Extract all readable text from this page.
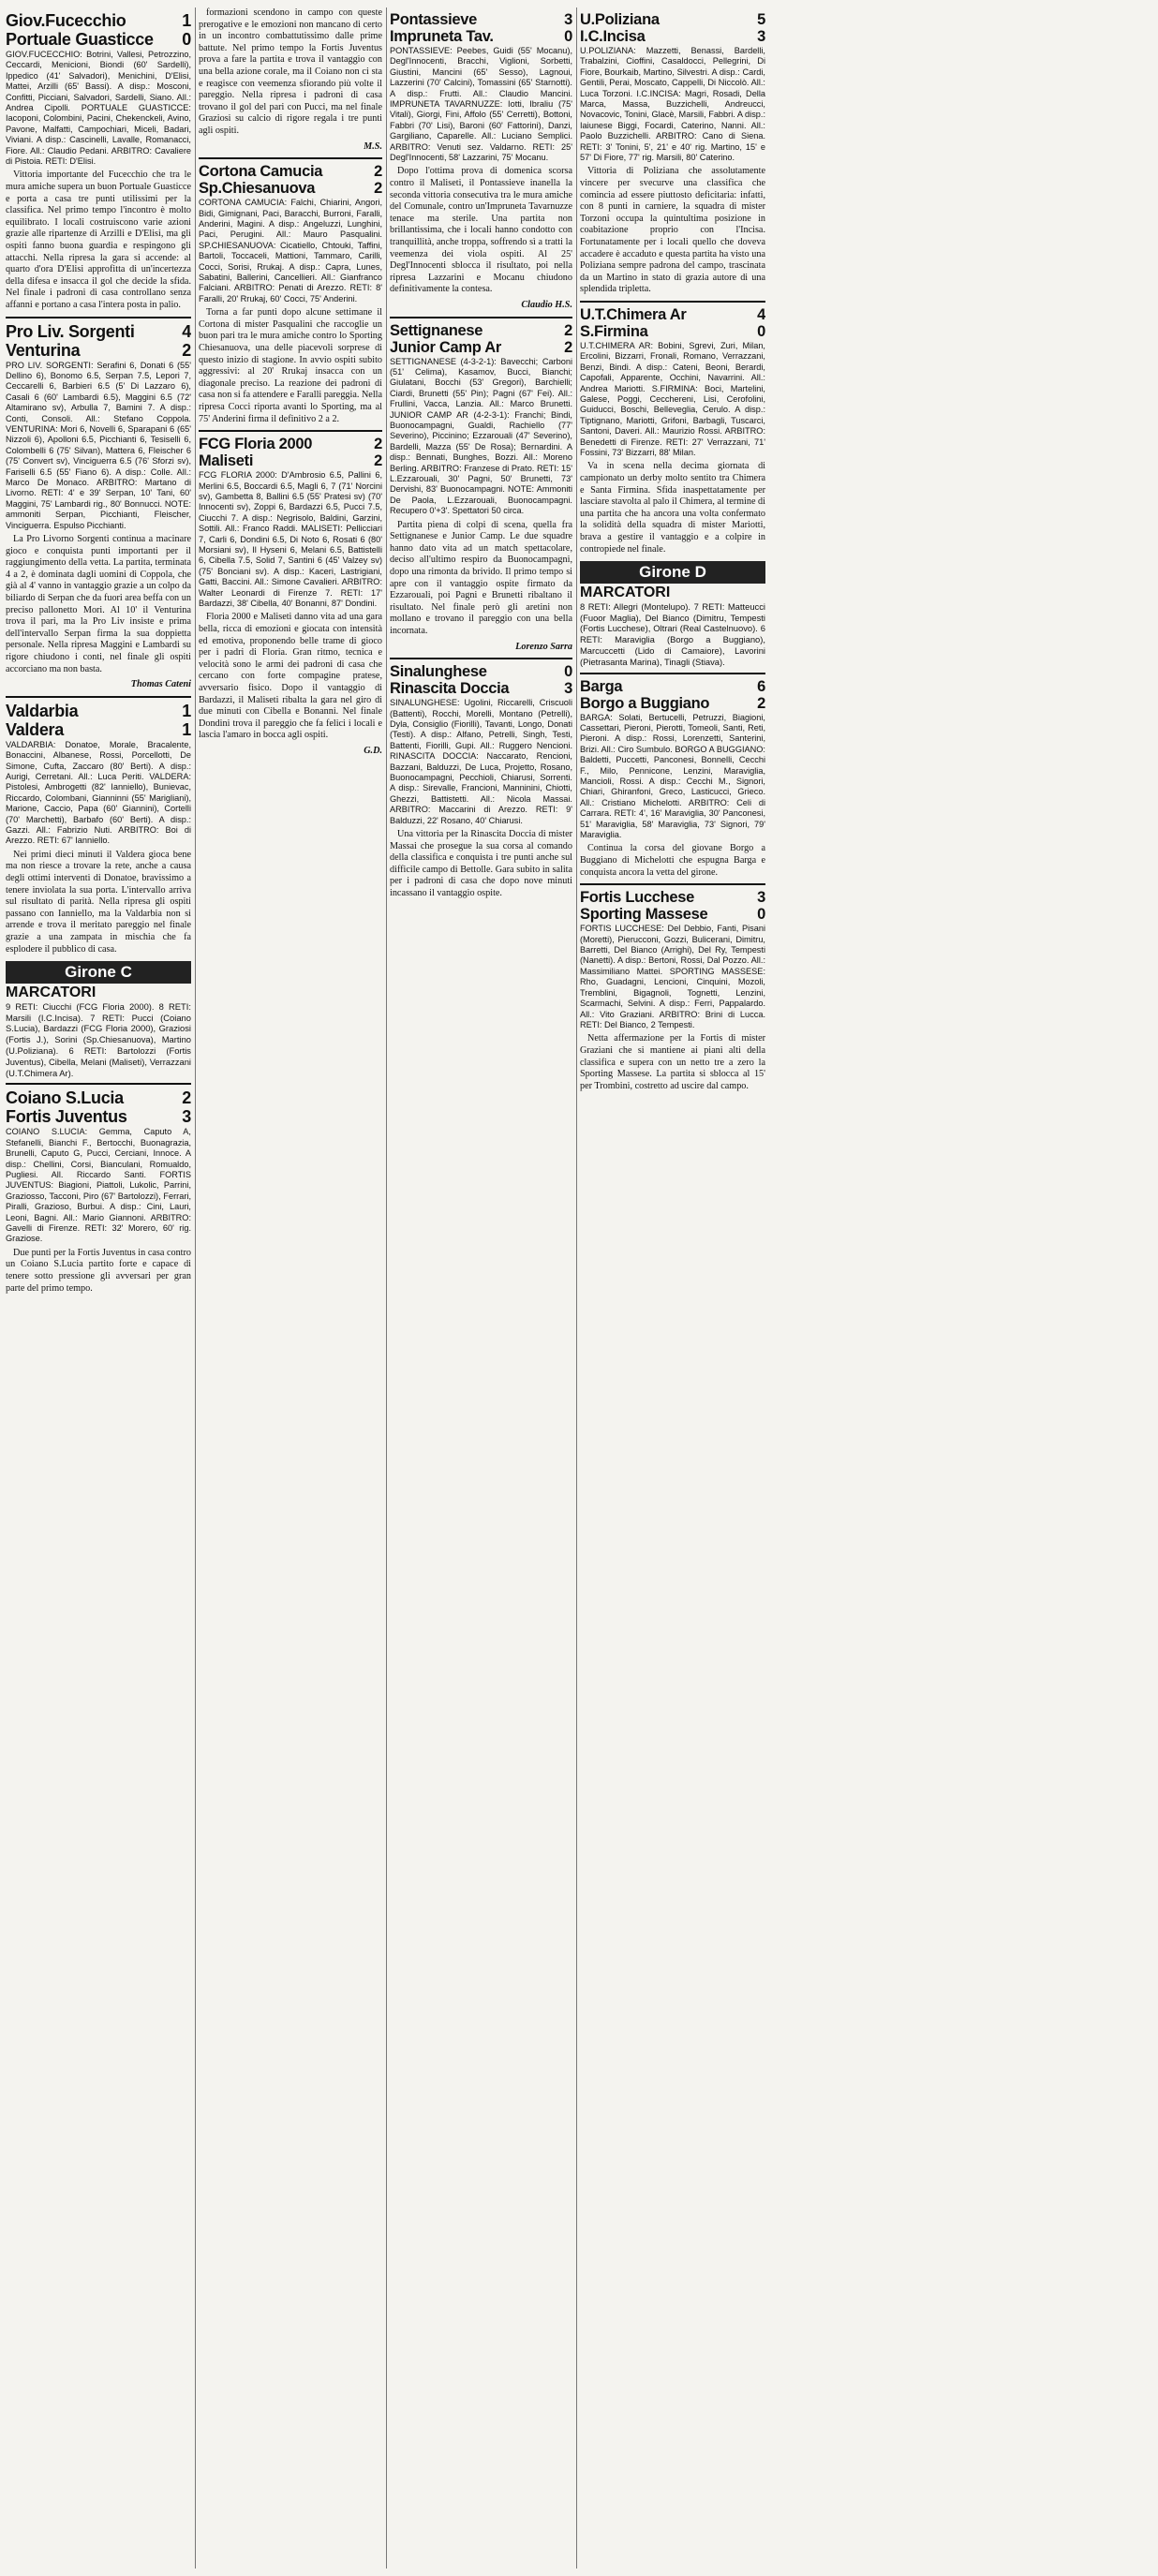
Giov.Fucecchio	1
Portuale Guasticce 0
GIOV.FUCECCHIO: Botrini, Vallesi, Petrozzino, Ceccardi, Menicioni, Biondi (60' Sardelli), Ippedico (41' Salvadori), Menichini, D'Elisi, Mattei, Arzilli (65' Bassi). A disp.: Mosconi, Confitti, Picciani, Salvadori, Sardelli, Siano. All.: Andrea Cipolli. PORTUALE GUASTICCE: Iacoponi, Colombini, Pacini, Chekenckeli, Avino, Pavone, Malfatti, Campochiari, Miceli, Badari, Viviani. A disp.: Cascinelli, Lavalle, Romanacci, Fiore. All.: Claudio Pedani. ARBITRO: Cavaliere di Pistoia. RETI: D'Elisi.

Vittoria importante del Fucecchio che tra le mura amiche supera un buon Portuale Guasticce e porta a casa tre punti utilissimi per la classifica. Nel primo tempo l'incontro è molto equilibrato. I locali costruiscono varie azioni grazie alle ripartenze di Arzilli e D'Elisi, ma gli ospiti fanno buona guardia e respingono gli attacchi. Nella ripresa la gara si accende: al quarto d'ora D'Elisi approfitta di un'incertezza della difesa e insacca il gol che decide la sfida. Nel finale i padroni di casa controllano senza affanni e portano a casa l'intera posta in palio.

Pro Liv. Sorgenti	4
Venturina	2
PRO LIV. SORGENTI: Serafini 6, Donati 6 (55' Dellino 6), Bonomo 6.5, Serpan 7.5, Lepori 7, Ceccarelli 6, Barbieri 6.5 (5' Di Lazzaro 6), Casali 6 (60' Lambardi 6.5), Maggini 6.5 (72' Altamirano sv), Arbulla 7, Bamini 7. A disp.: Conti, Consoli. All.: Stefano Coppola. VENTURINA: Mori 6, Novelli 6, Sparapani 6 (65' Nizzoli 6), Apolloni 6.5, Picchianti 6, Tesiselli 6, Colombelli 6 (75' Silvan), Mattera 6, Fleischer 6 (75' Convert sv), Vinciguerra 6.5 (76' Sforzi sv), Fariselli 6.5 (55' Fiano 6). A disp.: Colle. All.: Marco De Monaco. ARBITRO: Martano di Livorno. RETI: 4' e 39' Serpan, 10' Tani, 60' Maggini, 75' Lambardi rig., 80' Bonnucci. NOTE: ammoniti Serpan, Picchianti, Fleischer, Vinciguerra. Espulso Picchianti.

La Pro Livorno Sorgenti continua a macinare gioco e conquista punti importanti per il raggiungimento della vetta. La partita, terminata 4 a 2, è dominata dagli uomini di Coppola, che già al 4' vanno in vantaggio grazie a un colpo da biliardo di Serpan che da fuori area beffa con un preciso pallonetto Mori. Al 10' il Venturina trova il pari, ma la Pro Liv insiste e prima dell'intervallo Serpan firma la sua doppietta personale. Nella ripresa Maggini e Lambardi su rigore chiudono i conti, nel finale gli ospiti accorciano ma non basta.

Thomas Cateni
Valdarbia	1
Valdera	1
VALDARBIA: Donatoe, Morale, Bracalente, Bonaccini, Albanese, Rossi, Porcellotti, De Simone, Cufta, Zaccaro (80' Berti). A disp.: Aurigi, Cerretani. All.: Luca Periti. VALDERA: Pistolesi, Ambrogetti (82' Ianniello), Bunievac, Riccardo, Colombani, Gianninni (55' Marigliani), Marione, Caccio, Papa (60' Giannini), Cortelli (70' Marchetti), Barbafo (60' Berti). A disp.: Gazzi. All.: Fabrizio Nuti. ARBITRO: Boi di Arezzo. RETI: 67' Ianniello.

Nei primi dieci minuti il Valdera gioca bene ma non riesce a trovare la rete, anche a causa degli ottimi interventi di Donatoe, bravissimo a tenere inviolata la sua porta. L'intervallo arriva sul risultato di parità. Nella ripresa gli ospiti passano con Ianniello, ma la Valdarbia non si arrende e trova il meritato pareggio nel finale grazie a una zampata in mischia che fa esplodere il pubblico di casa.

Girone C
MARCATORI
9 RETI: Ciucchi (FCG Floria 2000). 8 RETI: Marsili (I.C.Incisa). 7 RETI: Pucci (Coiano S.Lucia), Bardazzi (FCG Floria 2000), Graziosi (Fortis J.), Sorini (Sp.Chiesanuova), Martino (U.Poliziana). 6 RETI: Bartolozzi (Fortis Juventus), Cibella, Melani (Maliseti), Verrazzani (U.T.Chimera Ar).
Coiano S.Lucia	2
Fortis Juventus	3
COIANO S.LUCIA: Gemma, Caputo A, Stefanelli, Bianchi F., Bertocchi, Buonagrazia, Brunelli, Caputo G, Pucci, Cerciani, Innoce. A disp.: Chellini, Corsi, Bianculani, Romualdo, Pugliesi. All. Riccardo Santi. FORTIS JUVENTUS: Biagioni, Piattoli, Lukolic, Parrini, Graziosso, Tacconi, Piro (67' Bartolozzi), Ferrari, Piralli, Grazioso, Burbui. A disp.: Cini, Lauri, Leoni, Bagni. All.: Mario Giannoni. ARBITRO: Gavelli di Firenze. RETI: 32' Morero, 60' rig. Graziose.

Due punti per la Fortis Juventus in casa contro un Coiano S.Lucia partito forte e capace di tenere sotto pressione gli avversari per gran parte del primo tempo.

formazioni scendono in campo con queste prerogative e le emozioni non mancano di certo in un incontro combattutissimo dalle prime battute. Nel primo tempo la Fortis Juventus prova a fare la partita e trova il vantaggio con una bella azione corale, ma il Coiano non ci sta e reagisce con veemenza sfiorando più volte il pareggio. Nella ripresa i padroni di casa trovano il gol del pari con Pucci, ma nel finale Graziosi su calcio di rigore regala i tre punti agli ospiti.

M.S.
Cortona Camucia	2
Sp.Chiesanuova	2
CORTONA CAMUCIA: Falchi, Chiarini, Angori, Bidi, Gimignani, Paci, Baracchi, Burroni, Faralli, Anderini, Magini. A disp.: Angeluzzi, Lunghini, Paci, Perugini. All.: Mauro Pasqualini. SP.CHIESANUOVA: Cicatiello, Chtouki, Taffini, Bartoli, Toccaceli, Mattioni, Tammaro, Carilli, Cocci, Sorisi, Rrukaj. A disp.: Capra, Lunes, Sabatini, Ballerini, Cancellieri. All.: Gianfranco Falciani. ARBITRO: Penati di Arezzo. RETI: 8' Faralli, 20' Rrukaj, 60' Cocci, 75' Anderini.

Torna a far punti dopo alcune settimane il Cortona di mister Pasqualini che raccoglie un buon pari tra le mura amiche contro lo Sporting Chiesanuova, una delle piacevoli sorprese di questo inizio di stagione. In avvio ospiti subito aggressivi: al 20' Rrukaj insacca con un diagonale preciso. La reazione dei padroni di casa non si fa attendere e Faralli pareggia. Nella ripresa Cocci riporta avanti lo Sporting, ma al 75' Anderini firma il definitivo 2 a 2.

FCG Floria 2000	2
Maliseti	2
FCG FLORIA 2000: D'Ambrosio 6.5, Pallini 6, Merlini 6.5, Boccardi 6.5, Magli 6, 7 (71' Norcini sv), Gambetta 8, Ballini 6.5 (55' Pratesi sv) (70' Innocenti sv), Zoppi 6, Bardazzi 6.5, Pucci 7.5, Ciucchi 7. A disp.: Negrisolo, Baldini, Garzini, Sottili. All.: Franco Raddi. MALISETI: Pellicciari 7, Carli 6, Dondini 6.5, Di Noto 6, Rosati 6 (80' Morsiani sv), Il Hyseni 6, Melani 6.5, Battistelli 6, Cibella 7.5, Solid 7, Santini 6 (45' Valzey sv) (75' Bonciani sv). A disp.: Kaceri, Lastrigiani, Gatti, Baccini. All.: Simone Cavalieri. ARBITRO: Walter Leonardi di Firenze 7. RETI: 17' Bardazzi, 38' Cibella, 40' Bonanni, 87' Dondini.

Floria 2000 e Maliseti danno vita ad una gara bella, ricca di emozioni e giocata con intensità ed emotiva, proponendo belle trame di gioco per i padri di Floria. Gran ritmo, tecnica e velocità sono le armi dei padroni di casa che cercano con forte compagine pratese, avversario fisico. Dopo il vantaggio di Bardazzi, il Maliseti ribalta la gara nel giro di due minuti con Cibella e Bonanni. Nel finale Dondini trova il pareggio che fa felici i locali e lascia l'amaro in bocca agli ospiti.

G.D.
Pontassieve	3
Impruneta Tav.	0
PONTASSIEVE: Peebes, Guidi (55' Mocanu), Degl'Innocenti, Bracchi, Viglioni, Sorbetti, Giustini, Mancini (65' Sesso), Lagnoui, Lazzerini (70' Calcini), Tomassini (65' Starnotti). A disp.: Frutti. All.: Claudio Mancini. IMPRUNETA TAVARNUZZE: Iotti, Ibraliu (75' Vitali), Giorgi, Fini, Affolo (55' Cerretti), Bottoni, Fabbri (70' Lisi), Baroni (60' Fattorini), Danzi, Gargiliano, Caparelle. All.: Luciano Semplici. ARBITRO: Venuti sez. Valdarno. RETI: 25' Degl'Innocenti, 58' Lazzarini, 75' Mocanu.

Dopo l'ottima prova di domenica scorsa contro il Maliseti, il Pontassieve inanella la seconda vittoria consecutiva tra le mura amiche del Comunale, contro un'Impruneta Tavarnuzze tenace ma sterile. Una partita non brillantissima, che i locali hanno condotto con tranquillità, anche troppa, soffrendo sì a tratti la veemenza dei viola ospiti. Al 25' Degl'Innocenti sblocca il risultato, poi nella ripresa Lazzarini e Mocanu chiudono definitivamente la contesa.

Claudio H.S.
Settignanese	2
Junior Camp Ar	2
SETTIGNANESE (4-3-2-1): Bavecchi; Carboni (51' Celima), Kasamov, Bucci, Bianchi; Giulatani, Bocchi (53' Gregori), Barchielli; Ciardi, Brunetti (55' Pin); Pagni (67' Fei). All.: Frullini, Vacca, Lanzia. All.: Marco Brunetti. JUNIOR CAMP AR (4-2-3-1): Franchi; Bindi, Buonocampagni, Gualdi, Rachiello (77' Severino), Piccinino; Ezzarouali (47' Severino), Bardelli, Mazza (55' De Rosa); Bernardini. A disp.: Bennati, Bunghes, Bozzi. All.: Moreno Berling. ARBITRO: Franzese di Prato. RETI: 15' L.Ezzarouali, 30' Pagni, 50' Brunetti, 73' Dervishi, 83' Buonocampagni. NOTE: Ammoniti De Paola, L.Ezzarouali, Buonocampagni. Recupero 0'+3'. Spettatori 50 circa.

Partita piena di colpi di scena, quella fra Settignanese e Junior Camp. Le due squadre hanno dato vita ad un match spettacolare, deciso all'ultimo respiro da Buonocampagni, dopo una rimonta da brivido. Il primo tempo si apre con il vantaggio ospite firmato da Ezzarouali, poi Pagni e Brunetti ribaltano il risultato. Nel finale però gli aretini non mollano e trovano il pareggio con una bella incornata.

Lorenzo Sarra
Sinalunghese	0
Rinascita Doccia	3
SINALUNGHESE: Ugolini, Riccarelli, Criscuoli (Battenti), Rocchi, Morelli, Montano (Petrelli), Dyla, Consiglio (Fiorilli), Tavanti, Longo, Donati (Testi). A disp.: Alfano, Petrelli, Singh, Testi, Battenti, Fiorilli, Gupi. All.: Ruggero Nencioni. RINASCITA DOCCIA: Naccarato, Rencioni, Bazzani, Balduzzi, De Luca, Projetto, Rosano, Buonocampagni, Pecchioli, Chiarusi, Sorrenti. A disp.: Sirevalle, Francioni, Manninini, Chiotti, Ghezzi, Battistetti. All.: Nicola Massai. ARBITRO: Maccarini di Arezzo. RETI: 9' Balduzzi, 22' Rosano, 40' Chiarusi.

Una vittoria per la Rinascita Doccia di mister Massai che prosegue la sua corsa al comando della classifica e conquista i tre punti anche sul difficile campo di Bettolle. Gara subito in salita per i padroni di casa che dopo nove minuti incassano il vantaggio ospite.

U.Poliziana	5
I.C.Incisa	3
U.POLIZIANA: Mazzetti, Benassi, Bardelli, Trabalzini, Cioffini, Casaldocci, Pellegrini, Di Fiore, Bourkaib, Martino, Silvestri. A disp.: Cardi, Gentili, Perai, Moscato, Cappelli, Di Niccolò. All.: Luca Torzoni. I.C.INCISA: Magri, Rosadi, Della Marca, Massa, Buzzichelli, Andreucci, Novacovic, Tonini, Glacè, Marsili, Fabbri. A disp.: Iaiunese Biggi, Focardi, Caterino, Nanni. All.: Paolo Buzzichelli. ARBITRO: Cano di Siena. RETI: 3' Tonini, 5', 21' e 40' rig. Martino, 15' e 57' Di Fiore, 77' rig. Marsili, 80' Caterino.

Vittoria di Poliziana che assolutamente vincere per svecurve una classifica che comincia ad essere piuttosto deficitaria: infatti, con 8 punti in carniere, la squadra di mister Torzoni occupa la quintultima posizione in coabitazione proprio con l'Incisa. Fortunatamente per i locali quello che doveva accadere è accaduto e questa partita ha visto una Poliziana sempre padrona del campo, trascinata da un Martino in stato di grazia autore di una splendida tripletta.

U.T.Chimera Ar	4
S.Firmina	0
U.T.CHIMERA AR: Bobini, Sgrevi, Zuri, Milan, Ercolini, Bizzarri, Fronali, Romano, Verrazzani, Benzi, Bindi. A disp.: Cateni, Beoni, Berardi, Capofali, Apparente, Occhini, Navarrini. All.: Andrea Mariotti. S.FIRMINA: Boci, Martelini, Galese, Poggi, Cecchereni, Lisi, Cerofolini, Guiducci, Boschi, Belleveglia, Cerulo. A disp.: Tiptignano, Mariotti, Grifoni, Barbagli, Tuscarci, Santoni, Daveri. All.: Maurizio Rossi. ARBITRO: Benedetti di Firenze. RETI: 27' Verrazzani, 71' Fossini, 73' Bizzarri, 88' Milan.

Va in scena nella decima giornata di campionato un derby molto sentito tra Chimera e Santa Firmina. Sfida inaspettatamente per lasciare stavolta al palo il Chimera, al termine di una partita che ha ancora una volta confermato la solidità della squadra di mister Mariotti, brava a gestire il vantaggio e a colpire in contropiede nel finale.

Girone D
MARCATORI
8 RETI: Allegri (Montelupo). 7 RETI: Matteucci (Fuoor Maglia), Del Bianco (Dimitru, Tempesti (Fortis Lucchese), Oltrari (Real Castelnuovo). 6 RETI: Maraviglia (Borgo a Buggiano), Marcuccetti (Lido di Camaiore), Lavorini (Pietrasanta Marina), Tinagli (Stiava).
Barga	6
Borgo a Buggiano	2
BARGA: Solati, Bertucelli, Petruzzi, Biagioni, Cassettari, Pieroni, Pierotti, Tomeoli, Santi, Reti, Pieroni. A disp.: Rossi, Lorenzetti, Santerini, Brizi. All.: Ciro Sumbulo. BORGO A BUGGIANO: Baldetti, Puccetti, Panconesi, Bonnelli, Cecchi F., Milo, Pennicone, Lenzini, Maraviglia, Mancioli, Rossi. A disp.: Cecchi M., Signori, Chiari, Ghiranfoni, Greco, Lasticucci, Grieco. All.: Cristiano Michelotti. ARBITRO: Celi di Carrara. RETI: 4', 16' Maraviglia, 30' Panconesi, 51' Maraviglia, 58' Maraviglia, 73' Signori, 79' Maraviglia.

Continua la corsa del giovane Borgo a Buggiano di Michelotti che espugna Barga e conquista ancora la vetta del girone.

Fortis Lucchese	3
Sporting Massese	0
FORTIS LUCCHESE: Del Debbio, Fanti, Pisani (Moretti), Pierucconi, Gozzi, Bulicerani, Dimitru, Barretti, Del Bianco (Arrighi), Del Ry, Tempesti (Nanetti). A disp.: Bertoni, Rossi, Dal Pozzo. All.: Massimiliano Mattei. SPORTING MASSESE: Rho, Guadagni, Lencioni, Cinquini, Mozoli, Tremblini, Bigagnoli, Tognetti, Lenzini, Scarmachi, Selvini. A disp.: Ferri, Pappalardo. All.: Vito Graziani. ARBITRO: Brini di Lucca. RETI: Del Bianco, 2 Tempesti.

Netta affermazione per la Fortis di mister Graziani che si mantiene ai piani alti della classifica e supera con un netto tre a zero la Sporting Massese. La partita si sblocca al 15' per Trombini, costretto ad uscire dal campo.
